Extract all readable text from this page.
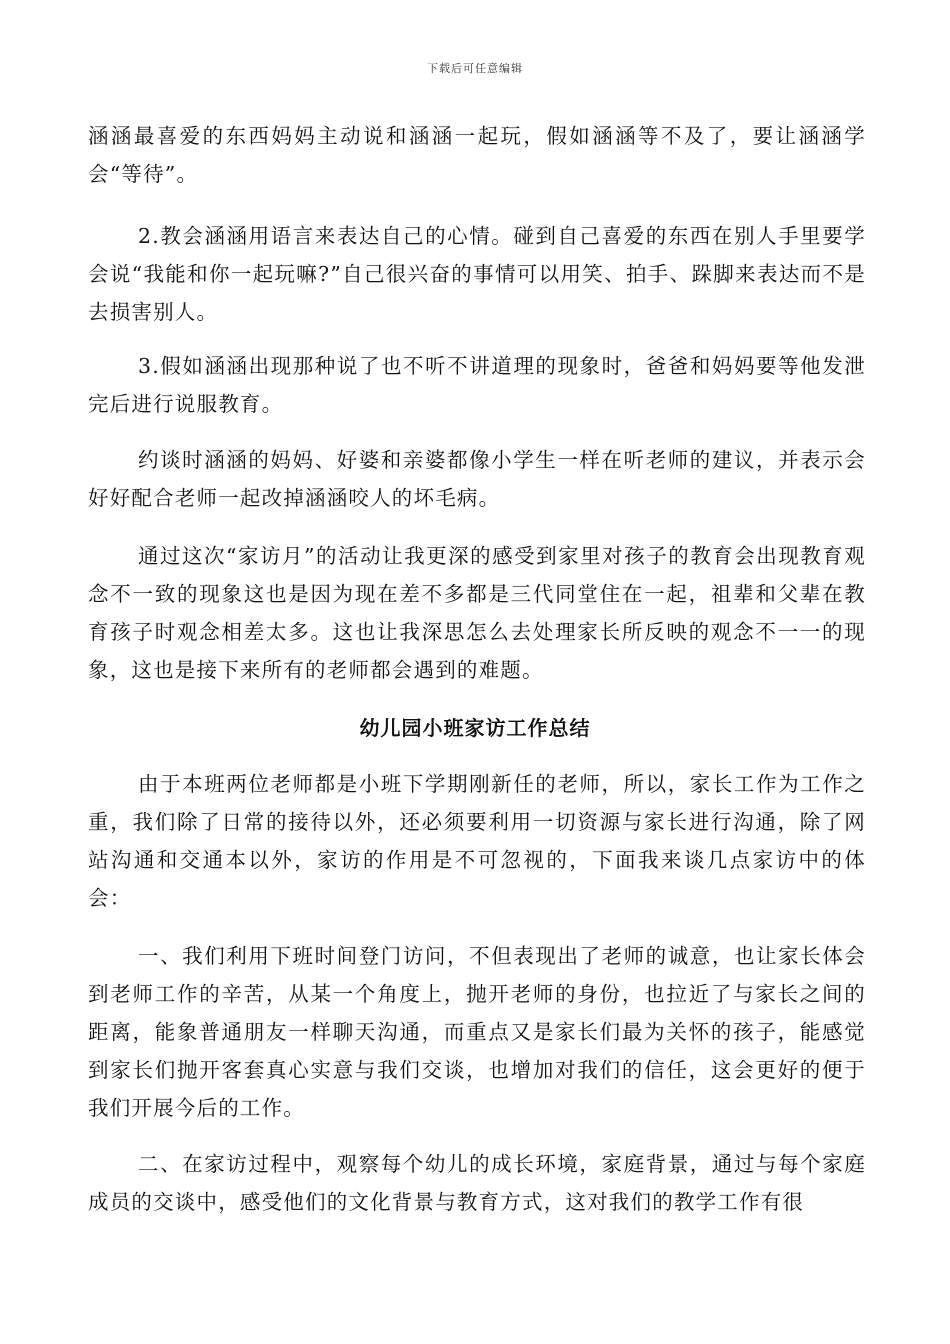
下载后可任意编辑

涵涵最喜爱的东西妈妈主动说和涵涵一起玩，假如涵涵等不及了，要让涵涵学会“等待”。

2.教会涵涵用语言来表达自己的心情。碰到自己喜爱的东西在别人手里要学会说“我能和你一起玩嘛?”自己很兴奋的事情可以用笑、拍手、跺脚来表达而不是去损害别人。

3.假如涵涵出现那种说了也不听不讲道理的现象时，爸爸和妈妈要等他发泄完后进行说服教育。

约谈时涵涵的妈妈、好婆和亲婆都像小学生一样在听老师的建议，并表示会好好配合老师一起改掉涵涵咬人的坏毛病。

通过这次“家访月”的活动让我更深的感受到家里对孩子的教育会出现教育观念不一致的现象这也是因为现在差不多都是三代同堂住在一起，祖辈和父辈在教育孩子时观念相差太多。这也让我深思怎么去处理家长所反映的观念不一一的现象，这也是接下来所有的老师都会遇到的难题。

幼儿园小班家访工作总结

由于本班两位老师都是小班下学期刚新任的老师，所以，家长工作为工作之重，我们除了日常的接待以外，还必须要利用一切资源与家长进行沟通，除了网站沟通和交通本以外，家访的作用是不可忽视的，下面我来谈几点家访中的体会：

一、我们利用下班时间登门访问，不但表现出了老师的诚意，也让家长体会到老师工作的辛苦，从某一个角度上，抛开老师的身份，也拉近了与家长之间的距离，能象普通朋友一样聊天沟通，而重点又是家长们最为关怀的孩子，能感觉到家长们抛开客套真心实意与我们交谈，也增加对我们的信任，这会更好的便于我们开展今后的工作。

二、在家访过程中，观察每个幼儿的成长环境，家庭背景，通过与每个家庭成员的交谈中，感受他们的文化背景与教育方式，这对我们的教学工作有很
